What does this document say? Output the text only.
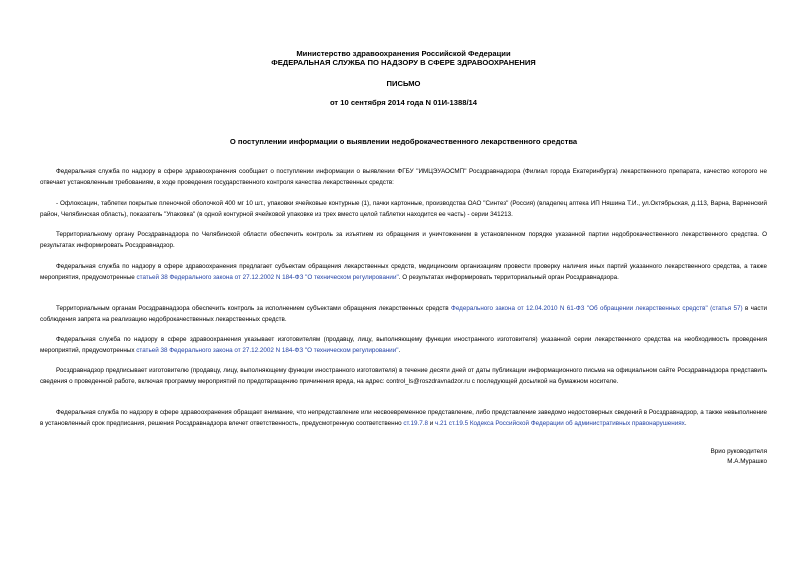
Министерство здравоохранения Российской Федерации
ФЕДЕРАЛЬНАЯ СЛУЖБА ПО НАДЗОРУ В СФЕРЕ ЗДРАВООХРАНЕНИЯ
ПИСЬМО
от 10 сентября 2014 года N 01И-1388/14
О поступлении информации о выявлении недоброкачественного лекарственного средства
Федеральная служба по надзору в сфере здравоохранения сообщает о поступлении информации о выявлении ФГБУ "ИМЦЭУАОСМП" Росздравнадзора (Филиал города Екатеринбурга) лекарственного препарата, качество которого не отвечает установленным требованиям, в ходе проведения государственного контроля качества лекарственных средств:
- Офлоксацин, таблетки покрытые пленочной оболочкой 400 мг 10 шт., упаковки ячейковые контурные (1), пачки картонные, производства ОАО "Синтез" (Россия) (владелец аптека ИП Няшина Т.И., ул.Октябрьская, д.113, Варна, Варненский район, Челябинская область), показатель "Упаковка" (в одной контурной ячейковой упаковке из трех вместо целой таблетки находится ее часть) - серии 341213.
Территориальному органу Росздравнадзора по Челябинской области обеспечить контроль за изъятием из обращения и уничтожением в установленном порядке указанной партии недоброкачественного лекарственного средства. О результатах информировать Росздравнадзор.
Федеральная служба по надзору в сфере здравоохранения предлагает субъектам обращения лекарственных средств, медицинским организациям провести проверку наличия иных партий указанного лекарственного средства, а также мероприятия, предусмотренные статьей 38 Федерального закона от 27.12.2002 N 184-ФЗ "О техническом регулировании". О результатах информировать территориальный орган Росздравнадзора.
Территориальным органам Росздравнадзора обеспечить контроль за исполнением субъектами обращения лекарственных средств Федерального закона от 12.04.2010 N 61-ФЗ "Об обращении лекарственных средств" (статья 57) в части соблюдения запрета на реализацию недоброкачественных лекарственных средств.
Федеральная служба по надзору в сфере здравоохранения указывает изготовителям (продавцу, лицу, выполняющему функции иностранного изготовителя) указанной серии лекарственного средства на необходимость проведения мероприятий, предусмотренных статьей 38 Федерального закона от 27.12.2002 N 184-ФЗ "О техническом регулировании".
Росздравнадзор предписывает изготовителю (продавцу, лицу, выполняющему функции иностранного изготовителя) в течение десяти дней от даты публикации информационного письма на официальном сайте Росздравнадзора представить сведения о проведенной работе, включая программу мероприятий по предотвращению причинения вреда, на адрес: control_ls@roszdravnadzor.ru с последующей досылкой на бумажном носителе.
Федеральная служба по надзору в сфере здравоохранения обращает внимание, что непредставление или несвоевременное представление, либо представление заведомо недостоверных сведений в Росздравнадзор, а также невыполнение в установленный срок предписания, решения Росздравнадзора влечет ответственность, предусмотренную соответственно ст.19.7.8 и ч.21 ст.19.5 Кодекса Российской Федерации об административных правонарушениях.
Врио руководителя
М.А.Мурашко
